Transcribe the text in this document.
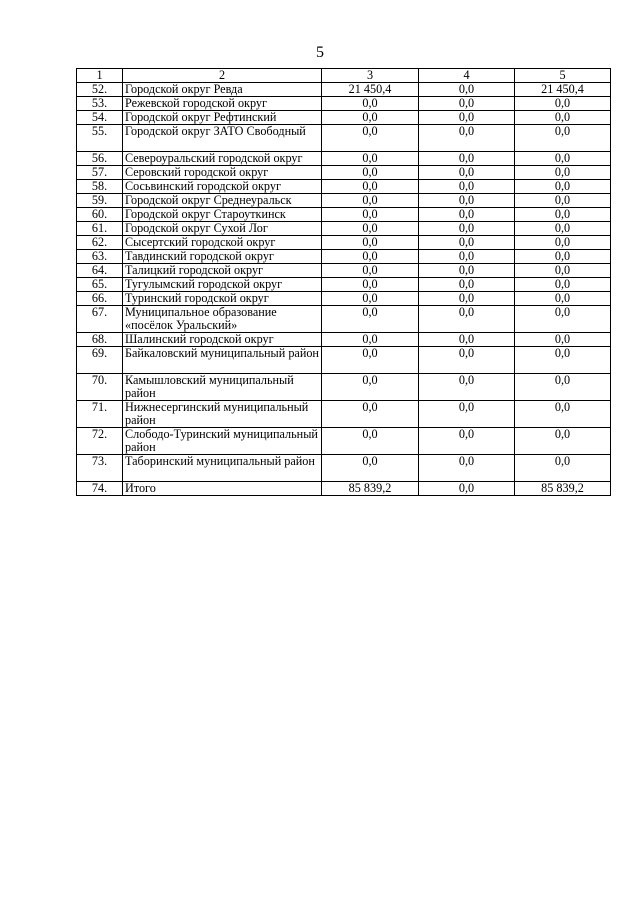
5
1	2	3	4	5
52.	Городской округ Ревда	21 450,4	0,0	21 450,4
53.	Режевской городской округ	0,0	0,0	0,0
54.	Городской округ Рефтинский	0,0	0,0	0,0
55.	Городской округ ЗАТО Свободный	0,0	0,0	0,0
56.	Североуральский городской округ	0,0	0,0	0,0
57.	Серовский городской округ	0,0	0,0	0,0
58.	Сосьвинский городской округ	0,0	0,0	0,0
59.	Городской округ Среднеуральск	0,0	0,0	0,0
60.	Городской округ Староуткинск	0,0	0,0	0,0
61.	Городской округ Сухой Лог	0,0	0,0	0,0
62.	Сысертский городской округ	0,0	0,0	0,0
63.	Тавдинский городской округ	0,0	0,0	0,0
64.	Талицкий городской округ	0,0	0,0	0,0
65.	Тугулымский городской округ	0,0	0,0	0,0
66.	Туринский городской округ	0,0	0,0	0,0
67.	Муниципальное образование «посёлок Уральский»	0,0	0,0	0,0
68.	Шалинский городской округ	0,0	0,0	0,0
69.	Байкаловский муниципальный район	0,0	0,0	0,0
70.	Камышловский муниципальный район	0,0	0,0	0,0
71.	Нижнесергинский муниципальный район	0,0	0,0	0,0
72.	Слободо-Туринский муниципальный район	0,0	0,0	0,0
73.	Таборинский муниципальный район	0,0	0,0	0,0
74.	Итого	85 839,2	0,0	85 839,2
